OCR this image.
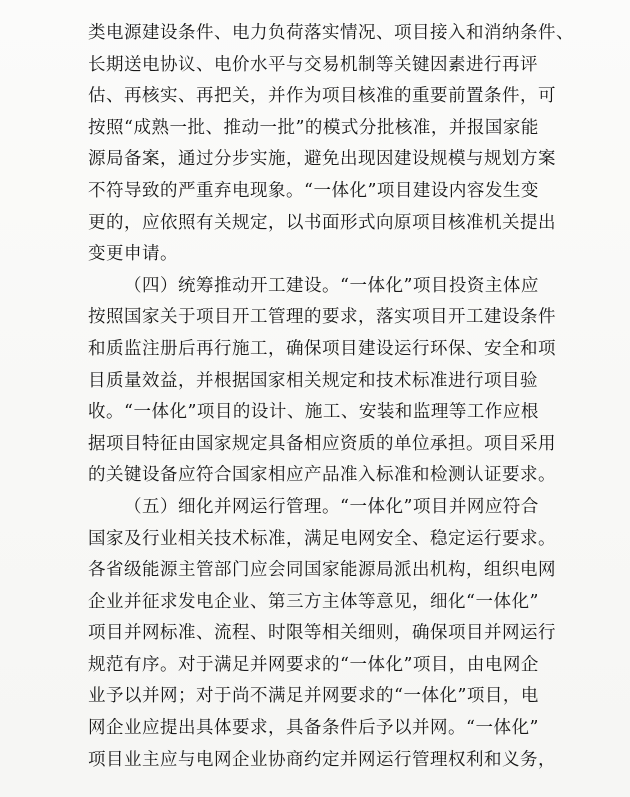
类电源建设条件、电力负荷落实情况、项目接入和消纳条件、
长期送电协议、电价水平与交易机制等关键因素进行再评
估、再核实、再把关，并作为项目核准的重要前置条件，可
按照“成熟一批、推动一批”的模式分批核准，并报国家能
源局备案，通过分步实施，避免出现因建设规模与规划方案
不符导致的严重弃电现象。“一体化”项目建设内容发生变
更的，应依照有关规定，以书面形式向原项目核准机关提出
变更申请。
（四）统筹推动开工建设。“一体化”项目投资主体应
按照国家关于项目开工管理的要求，落实项目开工建设条件
和质监注册后再行施工，确保项目建设运行环保、安全和项
目质量效益，并根据国家相关规定和技术标准进行项目验
收。“一体化”项目的设计、施工、安装和监理等工作应根
据项目特征由国家规定具备相应资质的单位承担。项目采用
的关键设备应符合国家相应产品准入标准和检测认证要求。
（五）细化并网运行管理。“一体化”项目并网应符合
国家及行业相关技术标准，满足电网安全、稳定运行要求。
各省级能源主管部门应会同国家能源局派出机构，组织电网
企业并征求发电企业、第三方主体等意见，细化“一体化”
项目并网标准、流程、时限等相关细则，确保项目并网运行
规范有序。对于满足并网要求的“一体化”项目，由电网企
业予以并网；对于尚不满足并网要求的“一体化”项目，电
网企业应提出具体要求，具备条件后予以并网。“一体化”
项目业主应与电网企业协商约定并网运行管理权利和义务，
